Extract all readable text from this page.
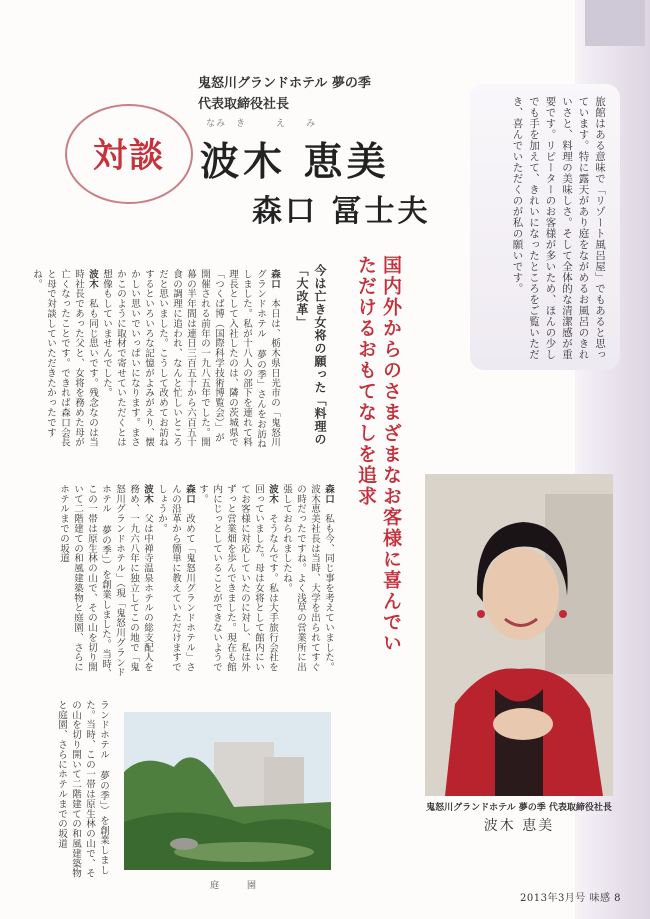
旅館はある意味で「リゾート風呂屋」でもあると思っています。特に露天があり庭をながめるお風呂のきれいさと、料理の美味しさ。そして全体的な清潔感が重要です。リピーターのお客様が多いため、ほんの少しでも手を加えて、きれいになったところをご覧いただき、喜んでいただくのが私の願いです。
対談
鬼怒川グランドホテル 夢の季
代表取締役社長
なみ　き　　　え　　み
波木 恵美
森口 冨士夫
国内外からのさまざまなお客様に喜んでいただけるおもてなしを追求
今は亡き女将の願った「料理の「大改革」
森口　本日は、栃木県日光市の「鬼怒川グランドホテル 夢の季」さんをお訪ねしました。私が十八人の部下を連れて料理長として入社したのは、隣の茨城県で「つくば博（国際科学技術博覧会）」が開催される前年の一九八五年でした。開幕の半年間は連日三百五十から六百五十食の調理に追われ、なんと忙しいところだと思いました。こうして改めてお訪ねするといろいろな記憶がよみがえり、懐かしい思いでいっぱいになります。まさかこのように取材で寄せていただくとは想像もしていませんでした。
波木　私も同じ思いです。残念なのは当時社長であった父と、女将を務めた母が亡くなったことです。できれば森口会長と母で対談していただきたかったですね。
森口　私も今、同じ事を考えていました。波木恵美社長は当時、大学を出られてすぐの時だったですね。よく浅草の営業所に出張しておられましたね。
波木　そうなんです。私は大手旅行会社を回っていました。母は女将として館内にいてお客様に対応していたのに対し、私は外ずっと営業畑を歩んできました。現在も館内にじっとしていることができないようです。
森口　改めて「鬼怒川グランドホテル」さんの沿革から簡単に教えていただけますでしょうか。
波木　父は中禅寺温泉ホテルの総支配人を務め、一九六八年に独立してこの地で「鬼怒川グランドホテル」（現「鬼怒川グランドホテル 夢の季」）を創業しました。当時、この一帯は原生林の山で、その山を切り開いて二階建ての和風建築物と庭園、さらにホテルまでの坂道
ランドホテル 夢の季」）を創業しました。当時、この一帯は原生林の山で、その山を切り開いて二階建ての和風建築物と庭園、さらにホテルまでの坂道	鬼怒川グランドホテル 夢の季 代表取締役社長
波木 恵美
庭園
2013年3月号 味感 8
